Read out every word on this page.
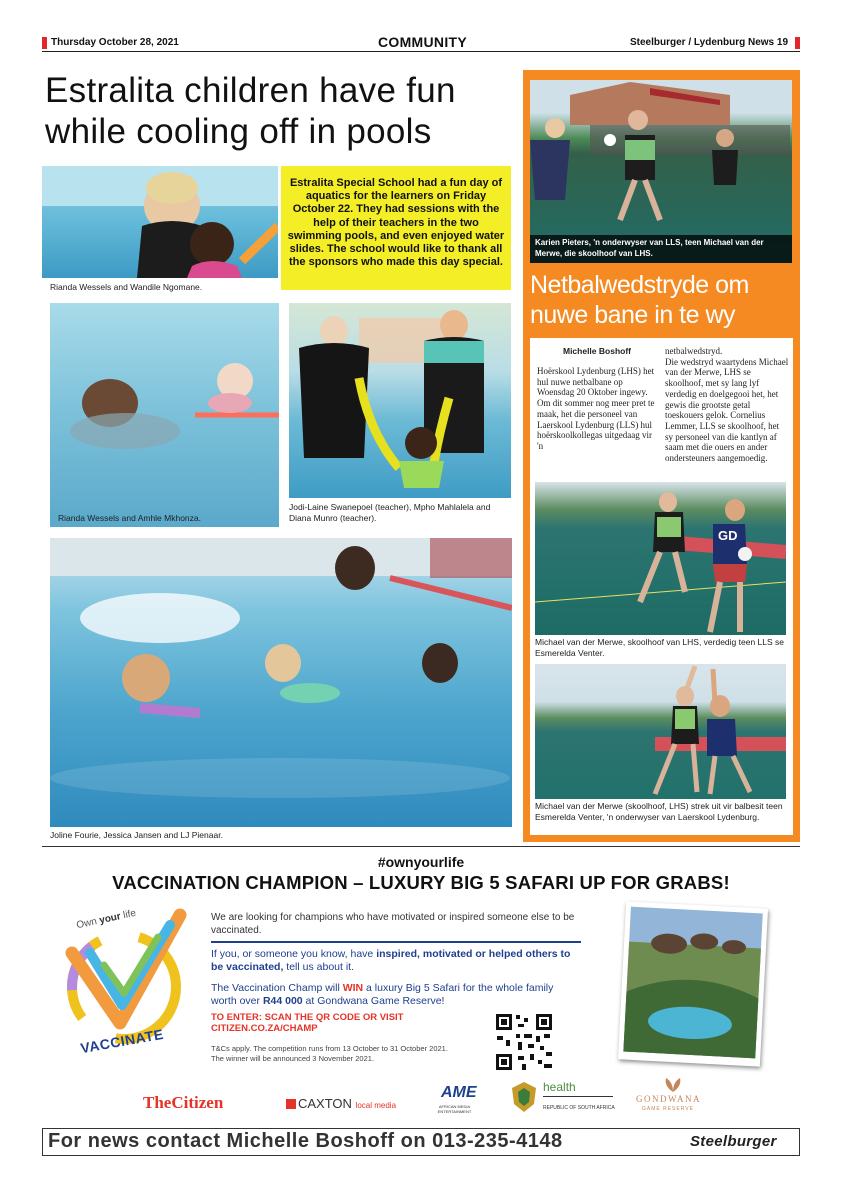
Thursday October 28, 2021	COMMUNITY	Steelburger / Lydenburg News 19
Estralita children have fun while cooling off in pools
Rianda Wessels and Wandile Ngomane.
Estralita Special School had a fun day of aquatics for the learners on Friday October 22. They had sessions with the help of their teachers in the two swimming pools, and even enjoyed water slides. The school would like to thank all the sponsors who made this day special.
Rianda Wessels and Amhle Mkhonza.
Jodi-Laine Swanepoel (teacher), Mpho Mahlalela and Diana Munro (teacher).
Joline Fourie, Jessica Jansen and LJ Pienaar.
Karien Pieters, 'n onderwyser van LLS, teen Michael van der Merwe, die skoolhoof van LHS.
Netbalwedstryde om nuwe bane in te wy
Michelle Boshoff
Hoërskool Lydenburg (LHS) het hul nuwe netbalbane op Woensdag 20 Oktober ingewy.
Om dit sommer nog meer pret te maak, het die personeel van Laerskool Lydenburg (LLS) hul hoërskoolkollegas uitgedaag vir 'n
netbalwedstryd.
Die wedstryd waartydens Michael van der Merwe, LHS se skoolhoof, met sy lang lyf verdedig en doelgegooi het, het gewis die grootste getal toeskouers gelok. Cornelius Lemmer, LLS se skoolhoof, het sy personeel van die kantlyn af saam met die ouers en ander ondersteuners aangemoedig.
GD
Michael van der Merwe, skoolhoof van LHS, verdedig teen LLS se Esmerelda Venter.
Michael van der Merwe (skoolhoof, LHS) strek uit vir balbesit teen Esmerelda Venter, 'n onderwyser van Laerskool Lydenburg.
#ownyourlife
VACCINATION CHAMPION – LUXURY BIG 5 SAFARI UP FOR GRABS!
Own your life
VACCINATE
We are looking for champions who have motivated or inspired someone else to be vaccinated.
If you, or someone you know, have inspired, motivated or helped others to be vaccinated, tell us about it.
The Vaccination Champ will WIN a luxury Big 5 Safari for the whole family worth over R44 000 at Gondwana Game Reserve!
TO ENTER: SCAN THE QR CODE OR VISIT
CITIZEN.CO.ZA/CHAMP
T&Cs apply. The competition runs from 13 October to 31 October 2021.
The winner will be announced 3 November 2021.
TheCitizen	CAXTON local media
AME
AFRICAN MEDIA ENTERTAINMENT
health
REPUBLIC OF SOUTH AFRICA
GONDWANA
GAME RESERVE
For news contact Michelle Boshoff on 013-235-4148	Steelburger
